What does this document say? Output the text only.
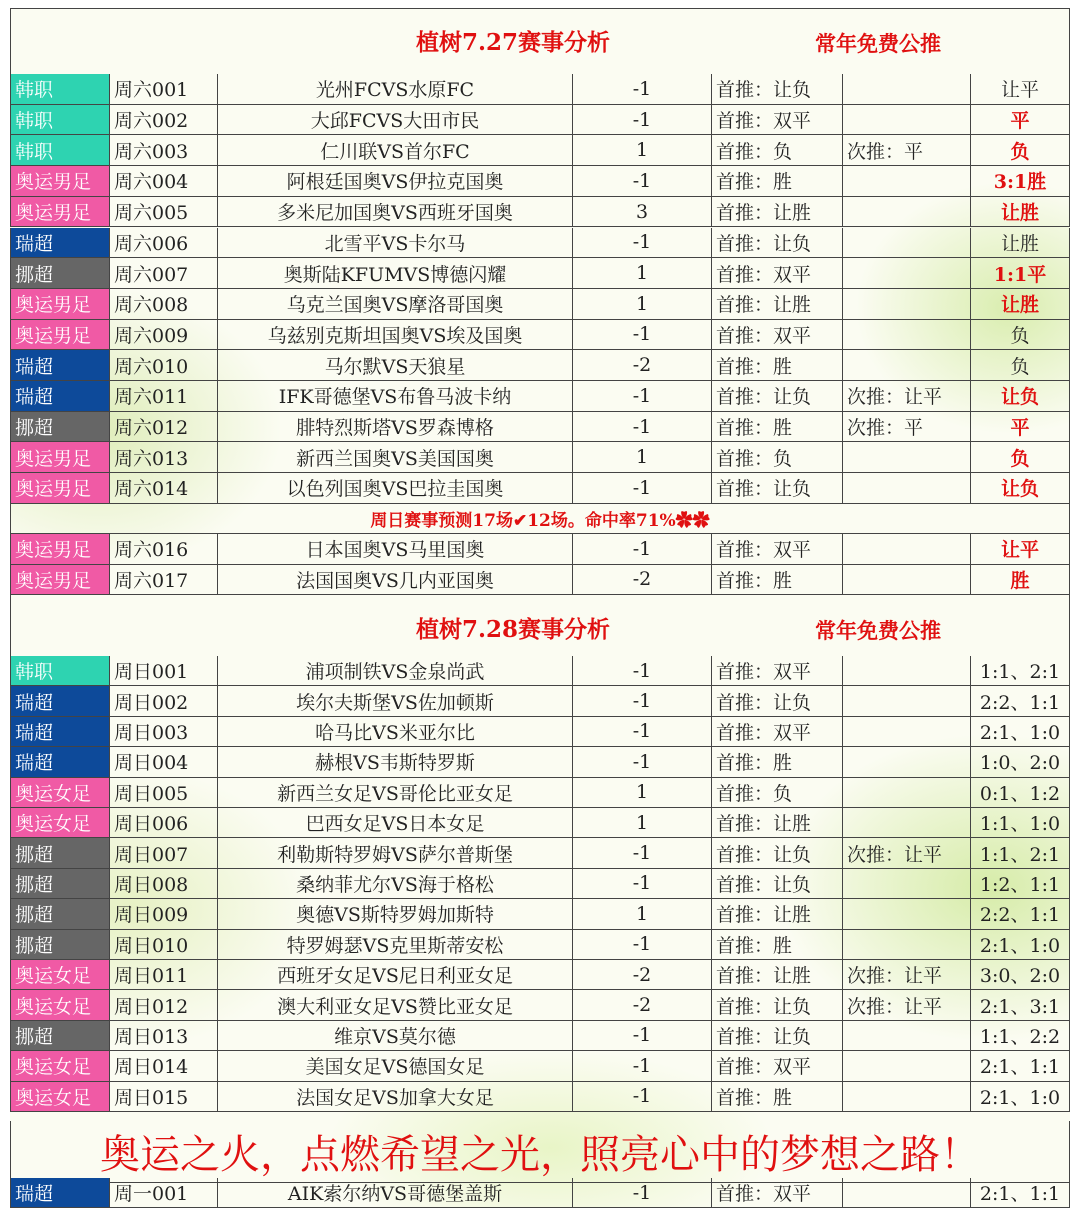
植树7.27赛事分析	常年免费公推
韩职	周六001	光州FCVS水原FC	-1	首推：让负	让平
韩职	周六002	大邱FCVS大田市民	-1	首推：双平	平
韩职	周六003	仁川联VS首尔FC	1	首推：负	次推：平	负
奥运男足	周六004	阿根廷国奥VS伊拉克国奥	-1	首推：胜	3:1胜
奥运男足	周六005	多米尼加国奥VS西班牙国奥	3	首推：让胜	让胜
瑞超	周六006	北雪平VS卡尔马	-1	首推：让负	让胜
挪超	周六007	奥斯陆KFUMVS博德闪耀	1	首推：双平	1:1平
奥运男足	周六008	乌克兰国奥VS摩洛哥国奥	1	首推：让胜	让胜
奥运男足	周六009	乌兹别克斯坦国奥VS埃及国奥	-1	首推：双平	负
瑞超	周六010	马尔默VS天狼星	-2	首推：胜	负
瑞超	周六011	IFK哥德堡VS布鲁马波卡纳	-1	首推：让负	次推：让平	让负
挪超	周六012	腓特烈斯塔VS罗森博格	-1	首推：胜	次推：平	平
奥运男足	周六013	新西兰国奥VS美国国奥	1	首推：负	负
奥运男足	周六014	以色列国奥VS巴拉圭国奥	-1	首推：让负	让负
周日赛事预测17场✔12场。命中率71%✿✿
奥运男足	周六016	日本国奥VS马里国奥	-1	首推：双平	让平
奥运男足	周六017	法国国奥VS几内亚国奥	-2	首推：胜	胜
植树7.28赛事分析	常年免费公推
韩职	周日001	浦项制铁VS金泉尚武	-1	首推：双平	1:1、2:1
瑞超	周日002	埃尔夫斯堡VS佐加顿斯	-1	首推：让负	2:2、1:1
瑞超	周日003	哈马比VS米亚尔比	-1	首推：双平	2:1、1:0
瑞超	周日004	赫根VS韦斯特罗斯	-1	首推：胜	1:0、2:0
奥运女足	周日005	新西兰女足VS哥伦比亚女足	1	首推：负	0:1、1:2
奥运女足	周日006	巴西女足VS日本女足	1	首推：让胜	1:1、1:0
挪超	周日007	利勒斯特罗姆VS萨尔普斯堡	-1	首推：让负	次推：让平	1:1、2:1
挪超	周日008	桑纳菲尤尔VS海于格松	-1	首推：让负	1:2、1:1
挪超	周日009	奥德VS斯特罗姆加斯特	1	首推：让胜	2:2、1:1
挪超	周日010	特罗姆瑟VS克里斯蒂安松	-1	首推：胜	2:1、1:0
奥运女足	周日011	西班牙女足VS尼日利亚女足	-2	首推：让胜	次推：让平	3:0、2:0
奥运女足	周日012	澳大利亚女足VS赞比亚女足	-2	首推：让负	次推：让平	2:1、3:1
挪超	周日013	维京VS莫尔德	-1	首推：让负	1:1、2:2
奥运女足	周日014	美国女足VS德国女足	-1	首推：双平	2:1、1:1
奥运女足	周日015	法国女足VS加拿大女足	-1	首推：胜	2:1、1:0
奥运之火，点燃希望之光，照亮心中的梦想之路！
瑞超	周一001	AIK索尔纳VS哥德堡盖斯	-1	首推：双平	2:1、1:1
